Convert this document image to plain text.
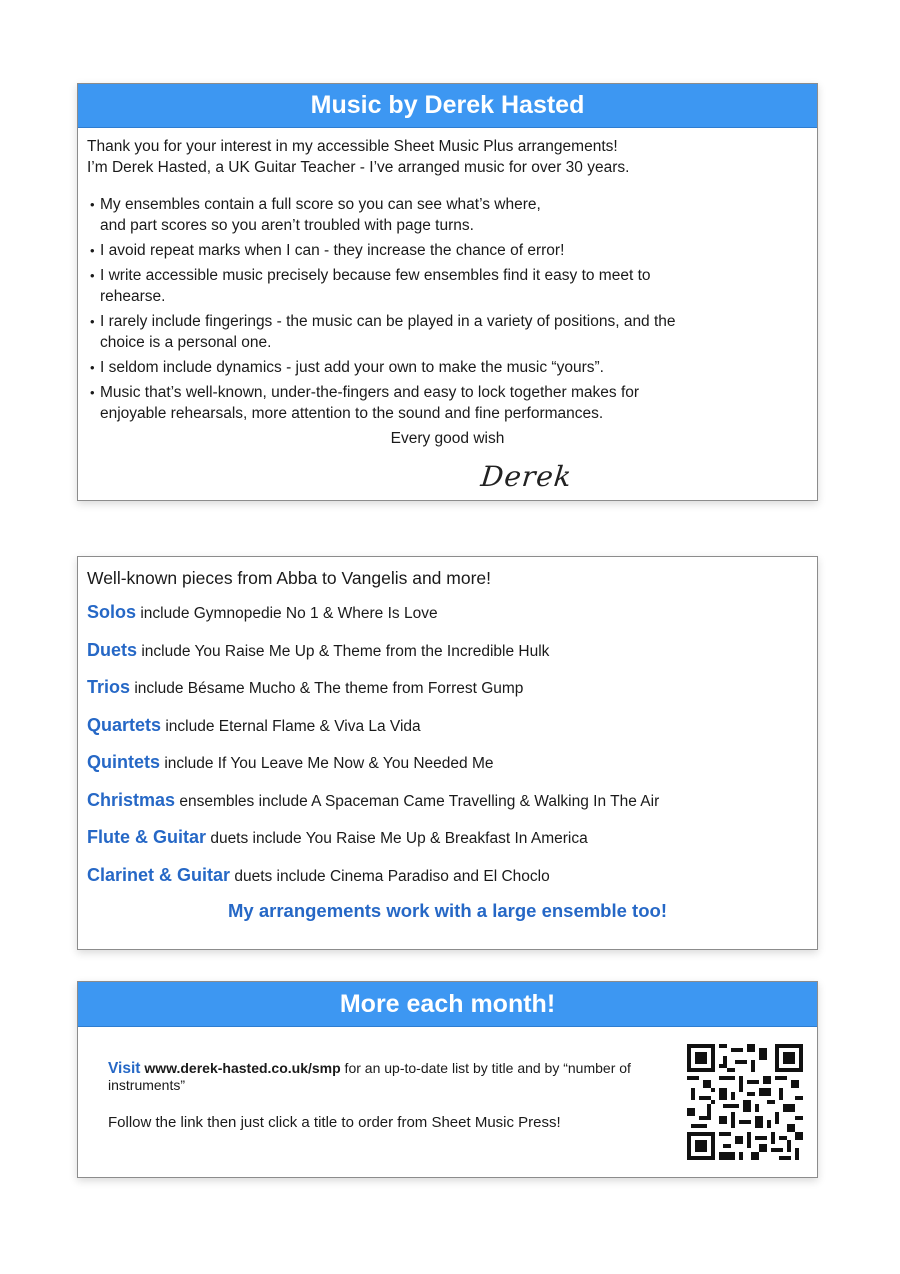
Music by Derek Hasted
Thank you for your interest in my accessible Sheet Music Plus arrangements!
I’m Derek Hasted, a UK Guitar Teacher - I’ve arranged music for over 30 years.
• My ensembles contain a full score so you can see what’s where,
and part scores so you aren’t troubled with page turns.
• I avoid repeat marks when I can - they increase the chance of error!
• I write accessible music precisely because few ensembles find it easy to meet to
rehearse.
• I rarely include fingerings - the music can be played in a variety of positions, and the
choice is a personal one.
• I seldom include dynamics - just add your own to make the music “yours”.
• Music that’s well-known, under-the-fingers and easy to lock together makes for
enjoyable rehearsals, more attention to the sound and fine performances.
Every good wish
Derek
Well-known pieces from Abba to Vangelis and more!
Solos include Gymnopedie No 1 & Where Is Love
Duets include You Raise Me Up & Theme from the Incredible Hulk
Trios include Bésame Mucho & The theme from Forrest Gump
Quartets include Eternal Flame & Viva La Vida
Quintets include If You Leave Me Now & You Needed Me
Christmas ensembles include A Spaceman Came Travelling & Walking In The Air
Flute & Guitar duets include You Raise Me Up & Breakfast In America
Clarinet & Guitar duets include Cinema Paradiso and El Choclo
My arrangements work with a large ensemble too!
More each month!
Visit www.derek-hasted.co.uk/smp for an up-to-date list by title and by “number of instruments”
Follow the link then just click a title to order from Sheet Music Press!
